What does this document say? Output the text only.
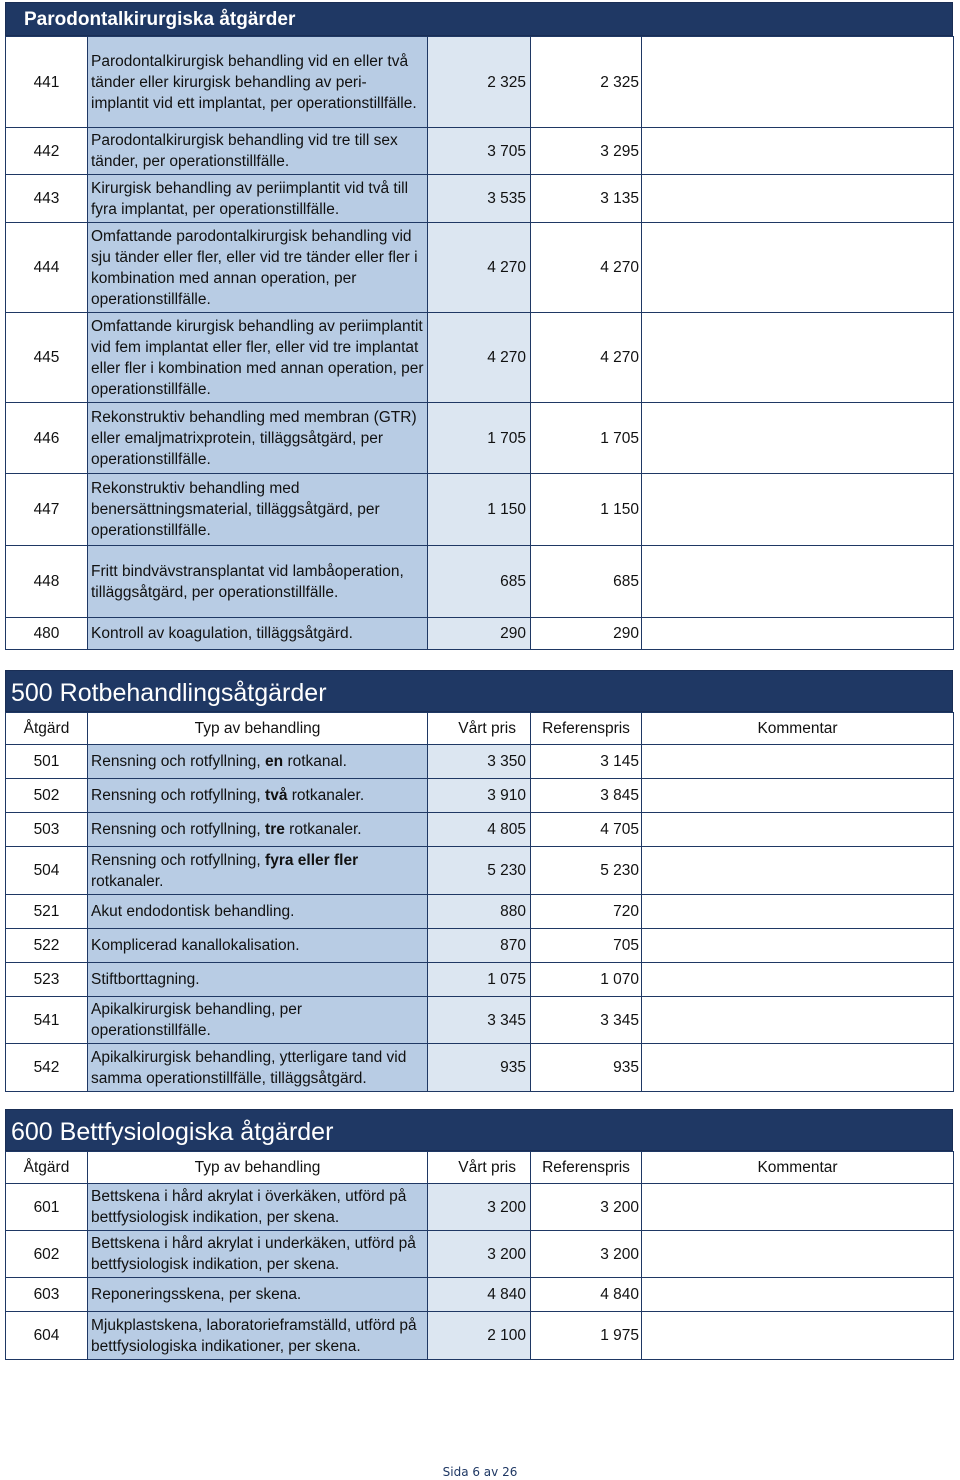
Parodontalkirurgiska åtgärder
441	Parodontalkirurgisk behandling vid en eller två tänder eller kirurgisk behandling av peri-implantit vid ett implantat, per operationstillfälle.	2 325	2 325	
442	Parodontalkirurgisk behandling vid tre till sex tänder, per operationstillfälle.	3 705	3 295	
443	Kirurgisk behandling av periimplantit vid två till fyra implantat, per operationstillfälle.	3 535	3 135	
444	Omfattande parodontalkirurgisk behandling vid sju tänder eller fler, eller vid tre tänder eller fler i kombination med annan operation, per operationstillfälle.	4 270	4 270	
445	Omfattande kirurgisk behandling av periimplantit vid fem implantat eller fler, eller vid tre implantat eller fler i kombination med annan operation, per operationstillfälle.	4 270	4 270	
446	Rekonstruktiv behandling med membran (GTR) eller emaljmatrixprotein, tilläggsåtgärd, per operationstillfälle.	1 705	1 705	
447	Rekonstruktiv behandling med benersättningsmaterial, tilläggsåtgärd, per operationstillfälle.	1 150	1 150	
448	Fritt bindvävstransplantat vid lambåoperation, tilläggsåtgärd, per operationstillfälle.	685	685	
480	Kontroll av koagulation, tilläggsåtgärd.	290	290	
500 Rotbehandlingsåtgärder
Åtgärd	Typ av behandling	Vårt pris	Referenspris	Kommentar
501	Rensning och rotfyllning, en rotkanal.	3 350	3 145	
502	Rensning och rotfyllning, två rotkanaler.	3 910	3 845	
503	Rensning och rotfyllning, tre rotkanaler.	4 805	4 705	
504	Rensning och rotfyllning, fyra eller fler rotkanaler.	5 230	5 230	
521	Akut endodontisk behandling.	880	720	
522	Komplicerad kanallokalisation.	870	705	
523	Stiftborttagning.	1 075	1 070	
541	Apikalkirurgisk behandling, per operationstillfälle.	3 345	3 345	
542	Apikalkirurgisk behandling, ytterligare tand vid samma operationstillfälle, tilläggsåtgärd.	935	935	
600 Bettfysiologiska åtgärder
Åtgärd	Typ av behandling	Vårt pris	Referenspris	Kommentar
601	Bettskena i hård akrylat i överkäken, utförd på bettfysiologisk indikation, per skena.	3 200	3 200	
602	Bettskena i hård akrylat i underkäken, utförd på bettfysiologisk indikation, per skena.	3 200	3 200	
603	Reponeringsskena, per skena.	4 840	4 840	
604	Mjukplastskena, laboratorieframställd, utförd på bettfysiologiska indikationer, per skena.	2 100	1 975	
Sida 6 av 26
